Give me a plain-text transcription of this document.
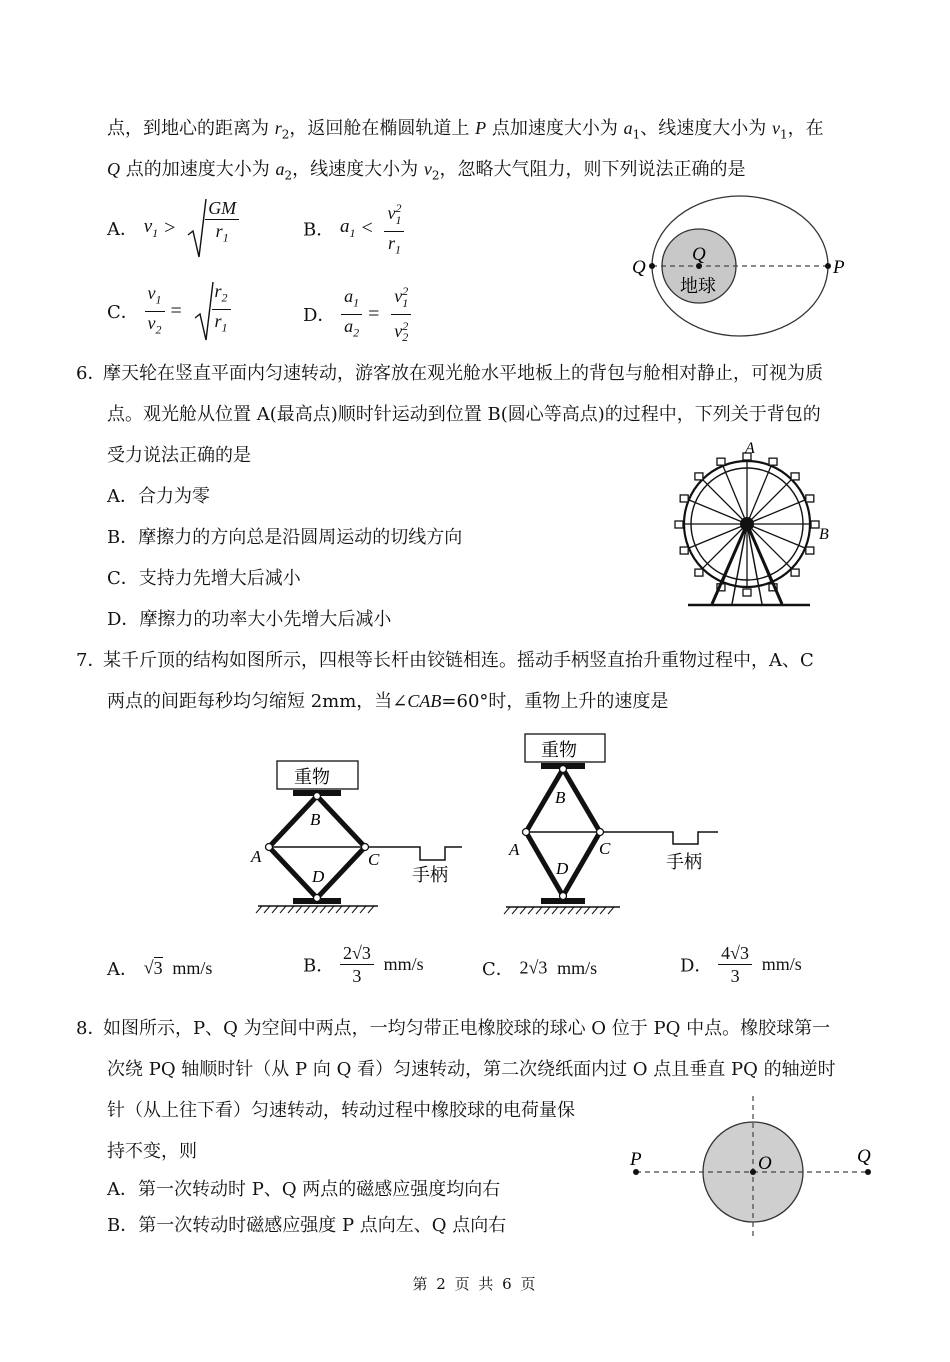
点，到地心的距离为 $r_2$，返回舱在椭圆轨道上 P 点加速度大小为 $a_1$、线速度大小为 $v_1$，在
Q 点的加速度大小为 $a_2$，线速度大小为 $v_2$，忽略大气阻力，则下列说法正确的是
A． $v_1 > \frac{GM}{r_1}$	B． $a_1 < \frac{v^2_1}{r_1}$
C． $\frac{v_1}{v_2} = \frac{r_2}{r_1}$	D． $\frac{a_1}{a_2} = \frac{v^2_1}{v^2_2}$
Q
Q
P
地球
6．
摩天轮在竖直平面内匀速转动，游客放在观光舱水平地板上的背包与舱相对静止，可视为质
点。观光舱从位置 A(最高点)顺时针运动到位置 B(圆心等高点)的过程中，下列关于背包的
受力说法正确的是
A．合力为零
B．摩擦力的方向总是沿圆周运动的切线方向
C．支持力先增大后减小
D．摩擦力的功率大小先增大后减小
A
B
7．
某千斤顶的结构如图所示，四根等长杆由铰链相连。摇动手柄竖直抬升重物过程中，A、C
两点的间距每秒均匀缩短 2mm，当∠CAB=60°时，重物上升的速度是
重物
B
A	C
D	手柄
重物
B
A	C
D	手柄
A． √3 mm/s	B． $\frac{2√3}{3} mm/s$	C． 2√3 mm/s	D． $\frac{4√3}{3} mm/s$
8．
如图所示，P、Q 为空间中两点，一均匀带正电橡胶球的球心 O 位于 PQ 中点。橡胶球第一
次绕 PQ 轴顺时针（从 P 向 Q 看）匀速转动，第二次绕纸面内过 O 点且垂直 PQ 的轴逆时
针（从上往下看）匀速转动，转动过程中橡胶球的电荷量保
持不变，则
A．第一次转动时 P、Q 两点的磁感应强度均向右
B．第一次转动时磁感应强度 P 点向左、Q 点向右
P	O	Q
第 2 页 共 6 页
